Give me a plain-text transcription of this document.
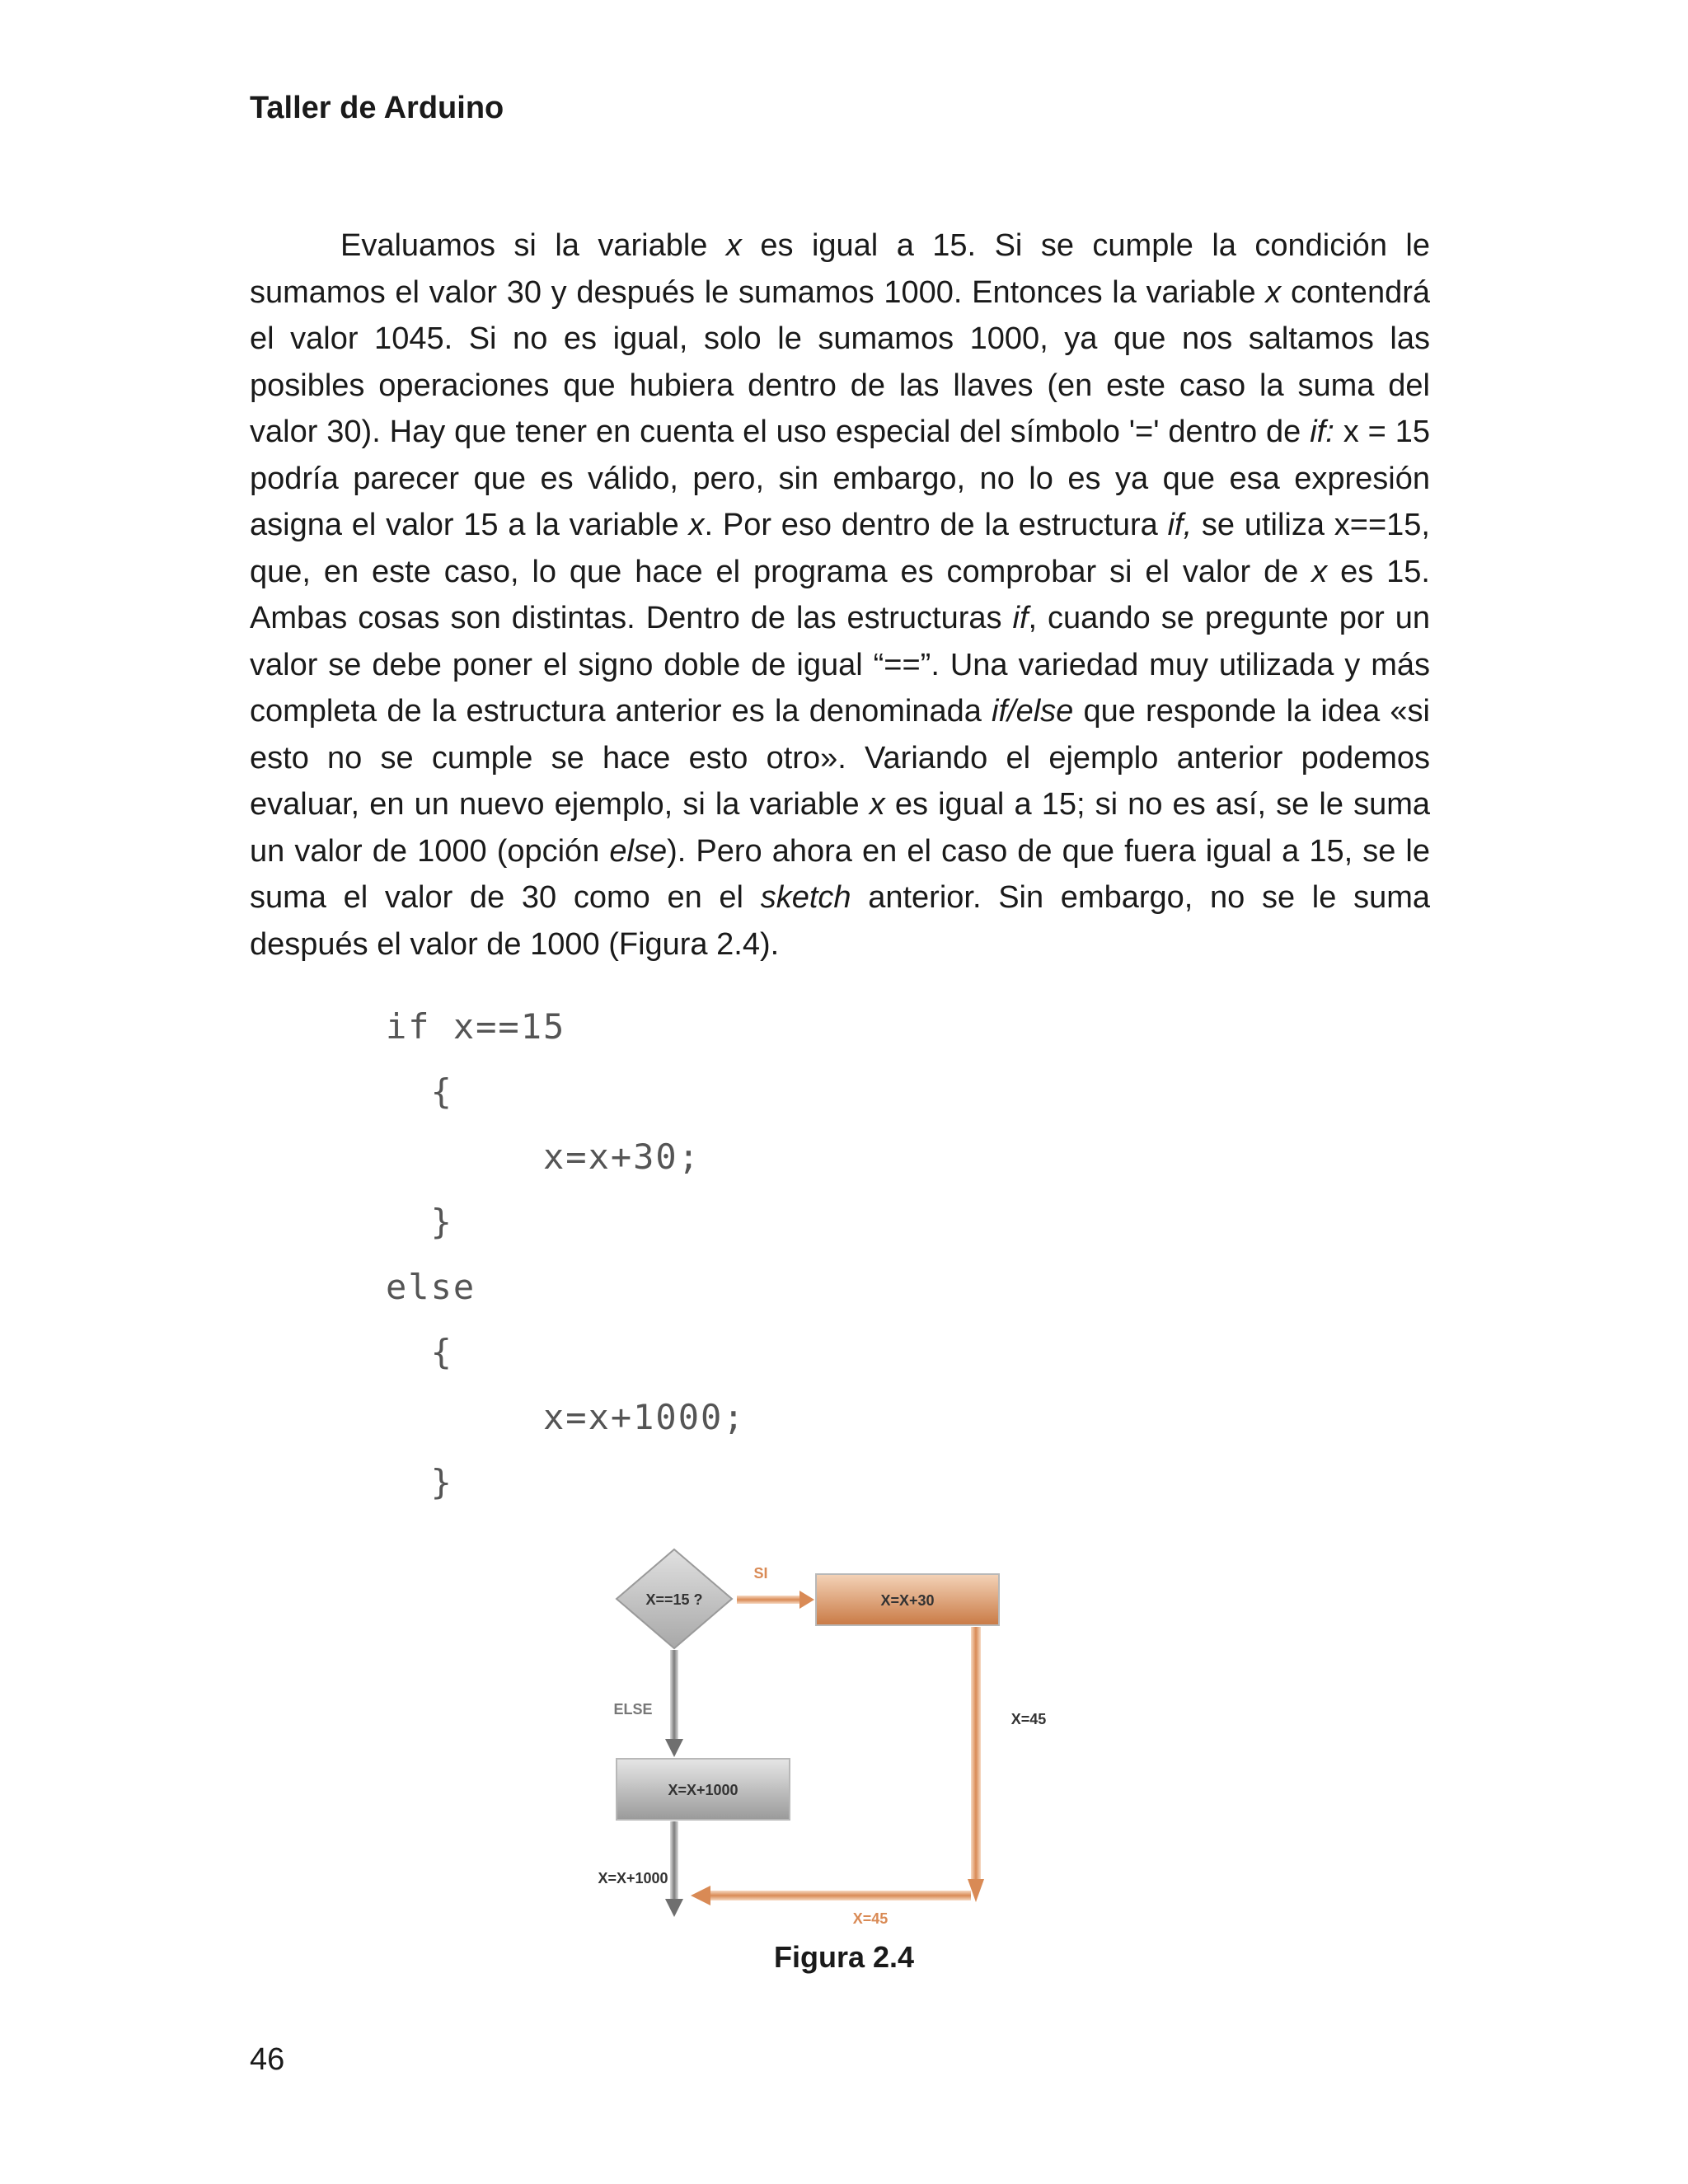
Taller de Arduino

Evaluamos si la variable x es igual a 15. Si se cumple la condición le sumamos el valor 30 y después le sumamos 1000. Entonces la variable x contendrá el valor 1045. Si no es igual, solo le sumamos 1000, ya que nos saltamos las posibles operaciones que hubiera dentro de las llaves (en este caso la suma del valor 30). Hay que tener en cuenta el uso especial del símbolo '=' dentro de if: x = 15 podría parecer que es válido, pero, sin embargo, no lo es ya que esa expresión asigna el valor 15 a la variable x. Por eso dentro de la estructura if, se utiliza x==15, que, en este caso, lo que hace el programa es comprobar si el valor de x es 15. Ambas cosas son distintas. Dentro de las estructuras if, cuando se pregunte por un valor se debe poner el signo doble de igual “==”. Una variedad muy utilizada y más completa de la estructura anterior es la denominada if/else que responde la idea «si esto no se cumple se hace esto otro». Variando el ejemplo anterior podemos evaluar, en un nuevo ejemplo, si la variable x es igual a 15; si no es así, se le suma un valor de 1000 (opción else). Pero ahora en el caso de que fuera igual a 15, se le suma el valor de 30 como en el sketch anterior. Sin embargo, no se le suma después el valor de 1000 (Figura 2.4).

if x==15
{
x=x+30;
}
else
{
x=x+1000;
}
X==15 ?
SI
X=X+30
ELSE
X=X+1000
X=45
X=45
X=X+1000
Figura 2.4
46
